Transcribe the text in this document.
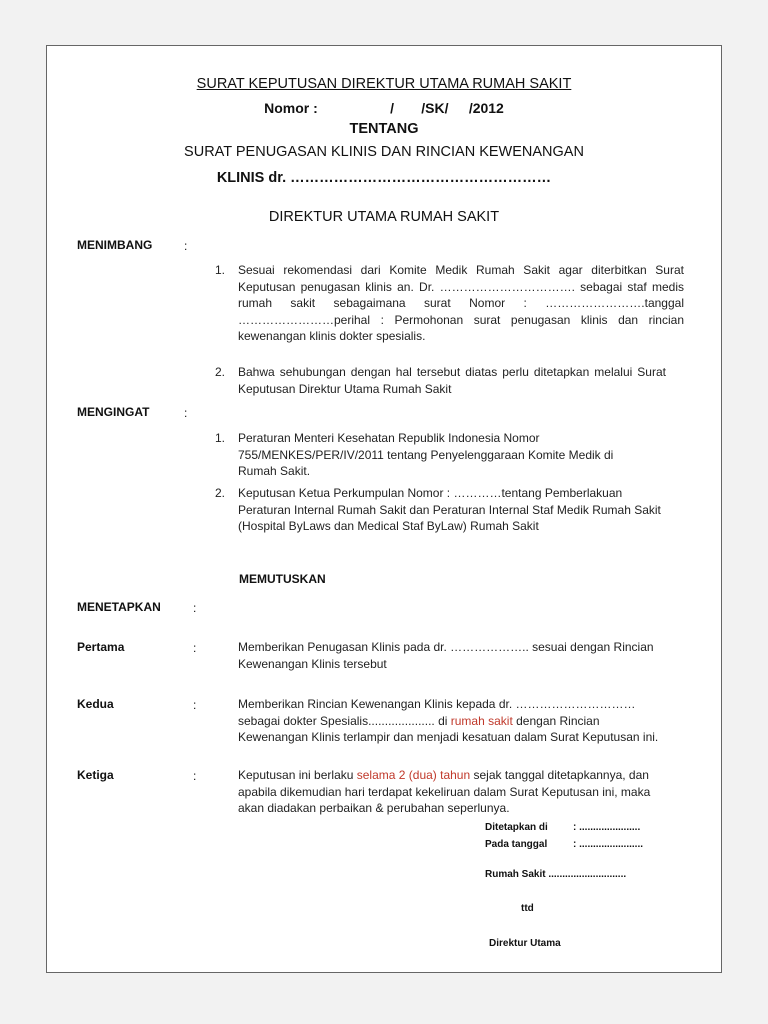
SURAT KEPUTUSAN DIREKTUR UTAMA RUMAH SAKIT
Nomor :	/ /SK/ /2012
TENTANG
SURAT PENUGASAN KLINIS DAN RINCIAN KEWENANGAN
KLINIS dr. ………………………………………………
DIREKTUR UTAMA RUMAH SAKIT
MENIMBANG	:
1. Sesuai rekomendasi dari Komite Medik Rumah Sakit agar diterbitkan Surat Keputusan penugasan klinis an. Dr. ……………………………. sebagai staf medis rumah sakit sebagaimana surat Nomor : …………………….tanggal ……………………perihal : Permohonan surat penugasan klinis dan rincian kewenangan klinis dokter spesialis.
2. Bahwa sehubungan dengan hal tersebut diatas perlu ditetapkan melalui Surat Keputusan Direktur Utama Rumah Sakit
MENGINGAT	:
1. Peraturan Menteri Kesehatan Republik Indonesia Nomor
755/MENKES/PER/IV/2011 tentang Penyelenggaraan Komite Medik di
Rumah Sakit.
2. Keputusan Ketua Perkumpulan Nomor : …………tentang Pemberlakuan
Peraturan Internal Rumah Sakit dan Peraturan Internal Staf Medik Rumah Sakit
(Hospital ByLaws dan Medical Staf ByLaw) Rumah Sakit
MEMUTUSKAN
MENETAPKAN	:
Pertama	:	Memberikan Penugasan Klinis pada dr. ……………….. sesuai dengan Rincian
Kewenangan Klinis tersebut
Kedua	:	Memberikan Rincian Kewenangan Klinis kepada dr. …………………………
sebagai dokter Spesialis.................... di rumah sakit dengan Rincian
Kewenangan Klinis terlampir dan menjadi kesatuan dalam Surat Keputusan ini.
Ketiga	:	Keputusan ini berlaku selama 2 (dua) tahun sejak tanggal ditetapkannya, dan
apabila dikemudian hari terdapat kekeliruan dalam Surat Keputusan ini, maka
akan diadakan perbaikan & perubahan seperlunya.
Ditetapkan di	: ......................
Pada tanggal	: .......................
Rumah Sakit ............................
ttd
Direktur Utama
